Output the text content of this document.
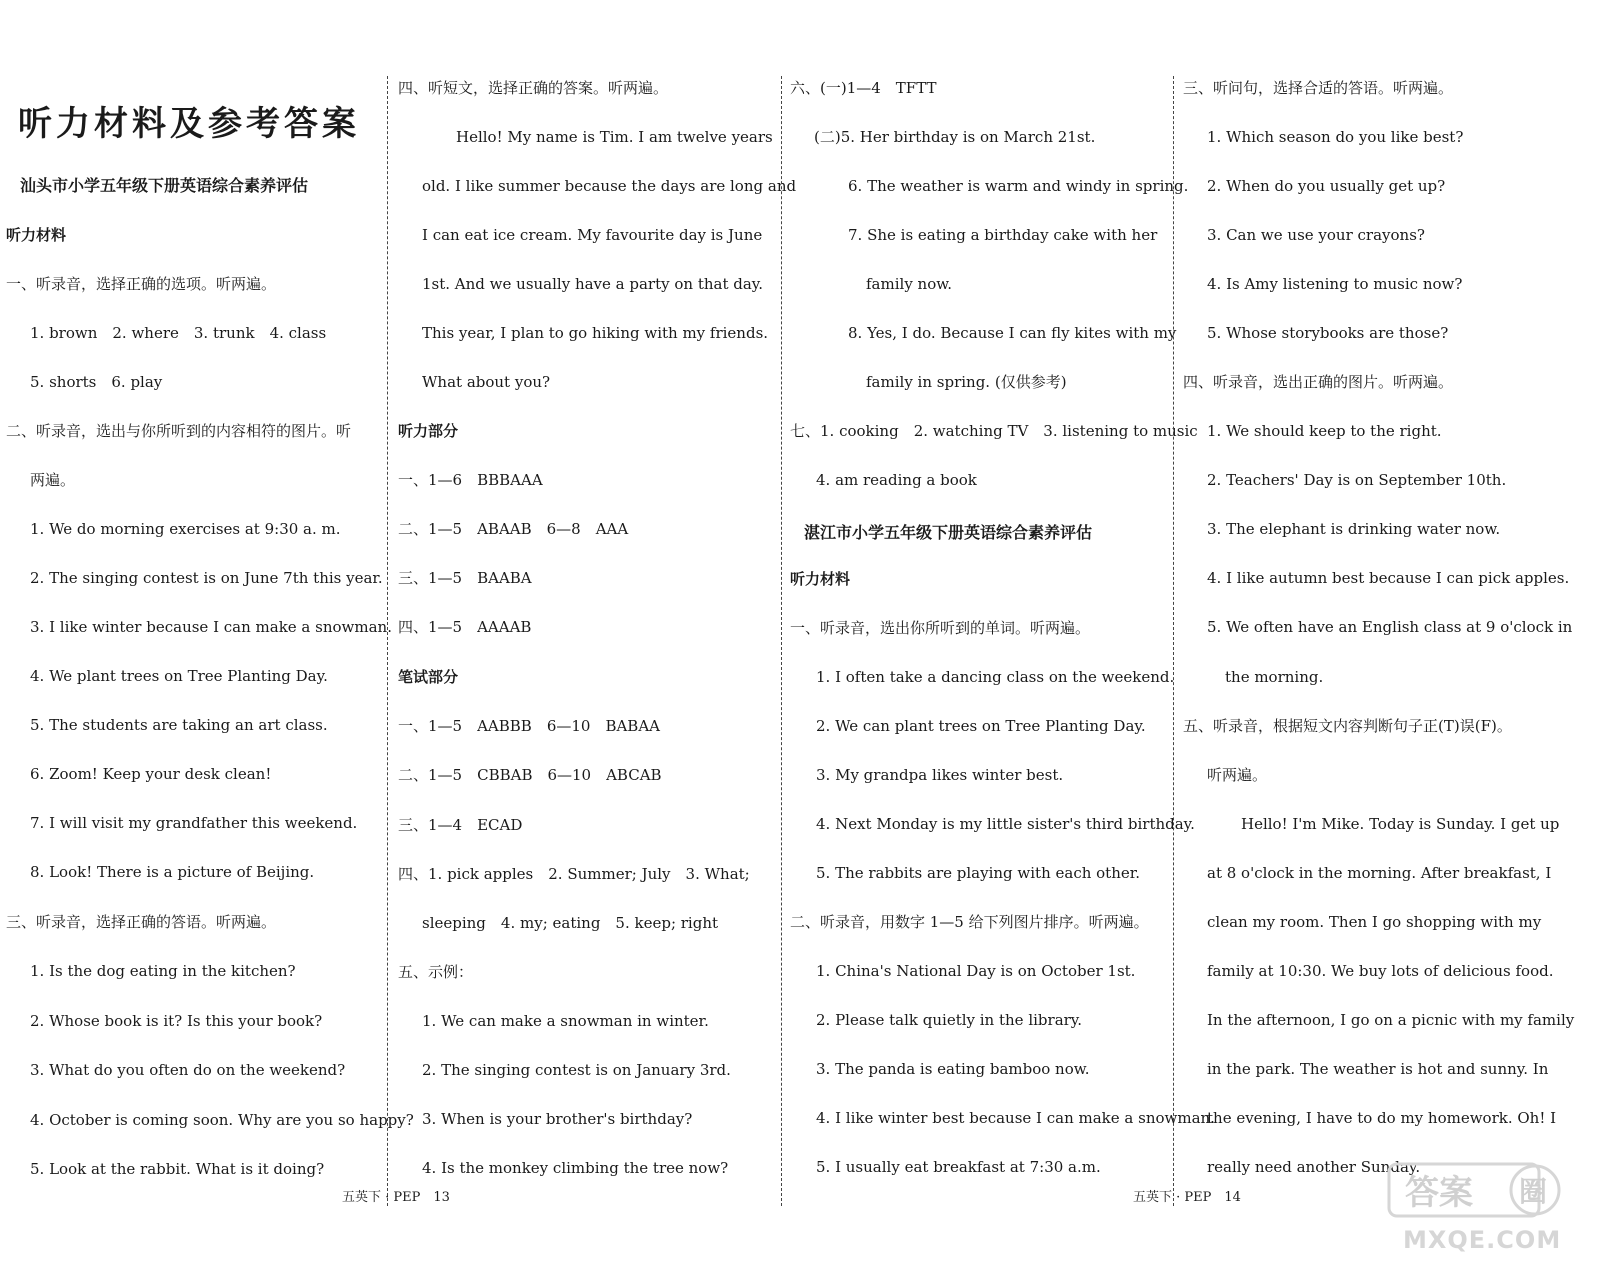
听力材料及参考答案
汕头市小学五年级下册英语综合素养评估
听力材料
一、听录音，选择正确的选项。听两遍。
1. brown　2. where　3. trunk　4. class
5. shorts　6. play
二、听录音，选出与你所听到的内容相符的图片。听
两遍。
1. We do morning exercises at 9:30 a. m.
2. The singing contest is on June 7th this year.
3. I like winter because I can make a snowman.
4. We plant trees on Tree Planting Day.
5. The students are taking an art class.
6. Zoom! Keep your desk clean!
7. I will visit my grandfather this weekend.
8. Look! There is a picture of Beijing.
三、听录音，选择正确的答语。听两遍。
1. Is the dog eating in the kitchen?
2. Whose book is it? Is this your book?
3. What do you often do on the weekend?
4. October is coming soon. Why are you so happy?
5. Look at the rabbit. What is it doing?
四、听短文，选择正确的答案。听两遍。
Hello! My name is Tim. I am twelve years
old. I like summer because the days are long and
I can eat ice cream. My favourite day is June
1st. And we usually have a party on that day.
This year, I plan to go hiking with my friends.
What about you?
听力部分
一、1—6　BBBAAA
二、1—5　ABAAB　6—8　AAA
三、1—5　BAABA
四、1—5　AAAAB
笔试部分
一、1—5　AABBB　6—10　BABAA
二、1—5　CBBAB　6—10　ABCAB
三、1—4　ECAD
四、1. pick apples　2. Summer; July　3. What;
sleeping　4. my; eating　5. keep; right
五、示例：
1. We can make a snowman in winter.
2. The singing contest is on January 3rd.
3. When is your brother's birthday?
4. Is the monkey climbing the tree now?
湛江市小学五年级下册英语综合素养评估
六、(一)1—4　TFTT
(二)5. Her birthday is on March 21st.
6. The weather is warm and windy in spring.
7. She is eating a birthday cake with her
family now.
8. Yes, I do. Because I can fly kites with my
family in spring. (仅供参考)
七、1. cooking　2. watching TV　3. listening to music
4. am reading a book
听力材料
一、听录音，选出你所听到的单词。听两遍。
1. I often take a dancing class on the weekend.
2. We can plant trees on Tree Planting Day.
3. My grandpa likes winter best.
4. Next Monday is my little sister's third birthday.
5. The rabbits are playing with each other.
二、听录音，用数字 1—5 给下列图片排序。听两遍。
1. China's National Day is on October 1st.
2. Please talk quietly in the library.
3. The panda is eating bamboo now.
4. I like winter best because I can make a snowman.
5. I usually eat breakfast at 7:30 a.m.
三、听问句，选择合适的答语。听两遍。
1. Which season do you like best?
2. When do you usually get up?
3. Can we use your crayons?
4. Is Amy listening to music now?
5. Whose storybooks are those?
四、听录音，选出正确的图片。听两遍。
1. We should keep to the right.
2. Teachers' Day is on September 10th.
3. The elephant is drinking water now.
4. I like autumn best because I can pick apples.
5. We often have an English class at 9 o'clock in
the morning.
五、听录音，根据短文内容判断句子正(T)误(F)。
听两遍。
Hello! I'm Mike. Today is Sunday. I get up
at 8 o'clock in the morning. After breakfast, I
clean my room. Then I go shopping with my
family at 10:30. We buy lots of delicious food.
In the afternoon, I go on a picnic with my family
in the park. The weather is hot and sunny. In
the evening, I have to do my homework. Oh! I
really need another Sunday.
五英下 · PEP　13	五英下 · PEP　14	答案 圈
MXQE.COM
